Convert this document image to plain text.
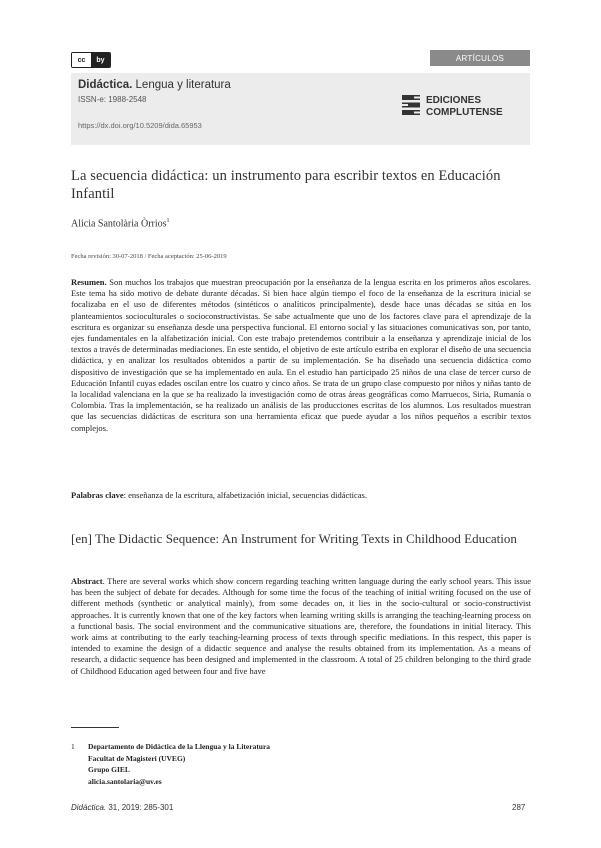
cc	by	ARTÍCULOS
Didáctica. Lengua y literatura
ISSN-e: 1988-2548
https://dx.doi.org/10.5209/dida.65953
EDICIONES
COMPLUTENSE
La secuencia didáctica: un instrumento para escribir textos en Educación Infantil
Alicia Santolària Òrrios$^1$
Fecha revisión: 30-07-2018 / Fecha aceptación: 25-06-2019
Resumen. Son muchos los trabajos que muestran preocupación por la enseñanza de la lengua escrita en los primeros años escolares. Este tema ha sido motivo de debate durante décadas. Si bien hace algún tiempo el foco de la enseñanza de la escritura inicial se focalizaba en el uso de diferentes métodos (sintéticos o analíticos principalmente), desde hace unas décadas se sitúa en los planteamientos socioculturales o socioconstructivistas. Se sabe actualmente que uno de los factores clave para el aprendizaje de la escritura es organizar su enseñanza desde una perspectiva funcional. El entorno social y las situaciones comunicativas son, por tanto, ejes fundamentales en la alfabetización inicial. Con este trabajo pretendemos contribuir a la enseñanza y aprendizaje inicial de los textos a través de determinadas mediaciones. En este sentido, el objetivo de este artículo estriba en explorar el diseño de una secuencia didáctica, y en analizar los resultados obtenidos a partir de su implementación. Se ha diseñado una secuencia didáctica como dispositivo de investigación que se ha implementado en aula. En el estudio han participado 25 niños de una clase de tercer curso de Educación Infantil cuyas edades oscilan entre los cuatro y cinco años. Se trata de un grupo clase compuesto por niños y niñas tanto de la localidad valenciana en la que se ha realizado la investigación como de otras áreas geográficas como Marruecos, Siria, Rumanía o Colombia. Tras la implementación, se ha realizado un análisis de las producciones escritas de los alumnos. Los resultados muestran que las secuencias didácticas de escritura son una herramienta eficaz que puede ayudar a los niños pequeños a escribir textos complejos.
Palabras clave: enseñanza de la escritura, alfabetización inicial, secuencias didácticas.
[en] The Didactic Sequence: An Instrument for Writing Texts in Childhood Education
Abstract. There are several works which show concern regarding teaching written language during the early school years. This issue has been the subject of debate for decades. Although for some time the focus of the teaching of initial writing focused on the use of different methods (synthetic or analytical mainly), from some decades on, it lies in the socio-cultural or socio-constructivist approaches. It is currently known that one of the key factors when learning writing skills is arranging the teaching-learning process on a functional basis. The social environment and the communicative situations are, therefore, the foundations in initial literacy. This work aims at contributing to the early teaching-learning process of texts through specific mediations. In this respect, this paper is intended to examine the design of a didactic sequence and analyse the results obtained from its implementation. As a means of research, a didactic sequence has been designed and implemented in the classroom. A total of 25 children belonging to the third grade of Childhood Education aged between four and five have
1 Departamento de Didàctica de la Llengua y la Literatura
Facultat de Magisteri (UVEG)
Grupo GIEL
alicia.santolaria@uv.es
Didáctica. 31, 2019: 285-301	287
